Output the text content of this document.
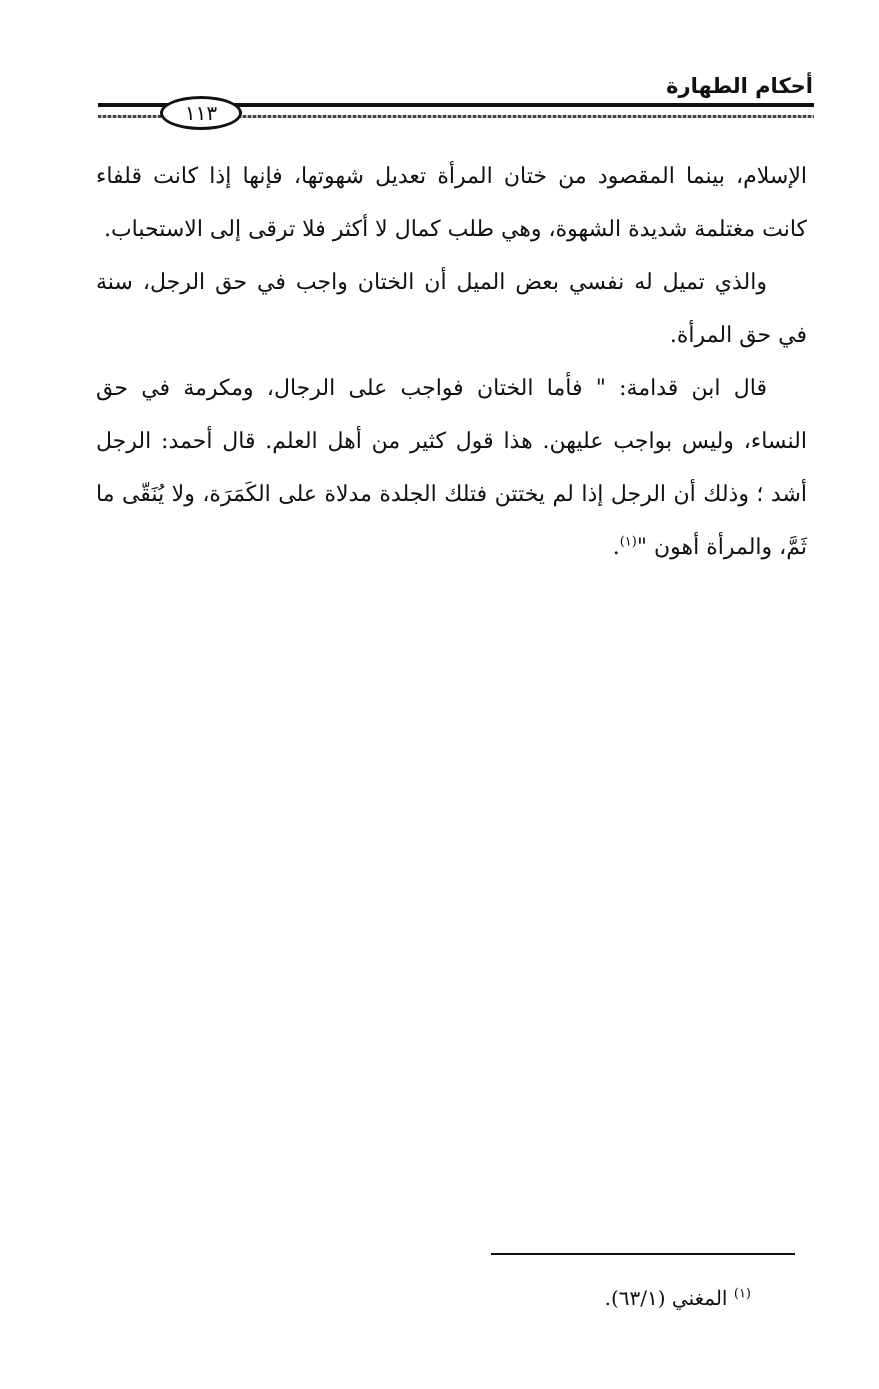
أحكام الطهارة
١١٣

الإسلام، بينما المقصود من ختان المرأة تعديل شهوتها، فإنها إذا كانت قلفاء كانت مغتلمة شديدة الشهوة، وهي طلب كمال لا أكثر فلا ترقى إلى الاستحباب.

والذي تميل له نفسي بعض الميل أن الختان واجب في حق الرجل، سنة في حق المرأة.

قال ابن قدامة: " فأما الختان فواجب على الرجال، ومكرمة في حق النساء، وليس بواجب عليهن. هذا قول كثير من أهل العلم. قال أحمد: الرجل أشد ؛ وذلك أن الرجل إذا لم يختتن فتلك الجلدة مدلاة على الكَمَرَة، ولا يُنَقّى ما ثَمَّ، والمرأة أهون "$^{(١)}$.

$^{(١)}$ المغني (٦٣/١).
